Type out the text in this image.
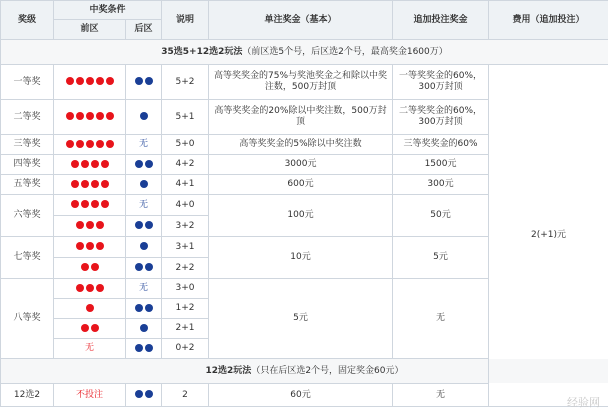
奖级	中奖条件		说明	单注奖金（基本）	追加投注奖金	费用（追加投注）	
	前区	后区					
35选5+12选2玩法（前区选5个号，后区选2个号，最高奖金1600万）							
一等奖			5+2	高等奖奖金的75%与奖池奖金之和除以中奖注数，500万封顶	一等奖奖金的60%，300万封顶	2(+1)元	
二等奖			5+1	高等奖奖金的20%除以中奖注数，500万封顶	二等奖奖金的60%，300万封顶		
三等奖		无	5+0	高等奖奖金的5%除以中奖注数	三等奖奖金的60%		
四等奖			4+2	3000元	1500元		
五等奖			4+1	600元	300元		
六等奖		无	4+0	100元	50元		
			3+2				
七等奖			3+1	10元	5元		
			2+2				
八等奖		无	3+0	5元	无		
			1+2				
			2+1				
	无		0+2				
12选2玩法（只在后区选2个号，固定奖金60元）							
12选2	不投注		2	60元	无	
经验网
